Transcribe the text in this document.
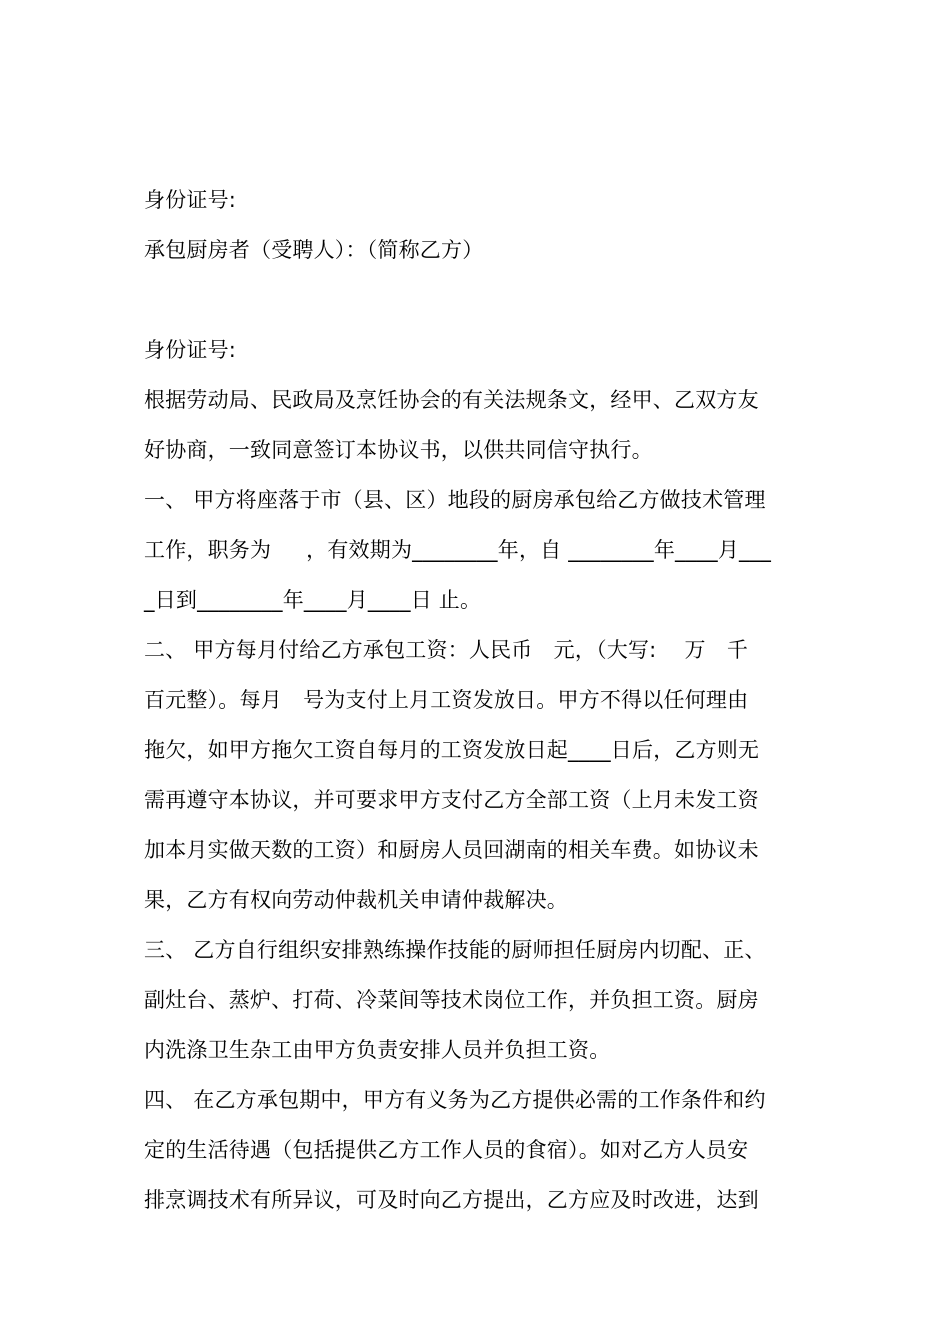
身份证号:
承包厨房者（受聘人）：（简称乙方）
身份证号:
根据劳动局、民政局及烹饪协会的有关法规条文，经甲、乙双方友
好协商，一致同意签订本协议书，以供共同信守执行。
一、 甲方将座落于市（县、区）地段的厨房承包给乙方做技术管理
工作，职务为　  ，有效期为________年，自 ________年____月___
_日到________年____月____日 止。
二、 甲方每月付给乙方承包工资：人民币　元，（大写:　 万　千
百元整）。每月　号为支付上月工资发放日。甲方不得以任何理由
拖欠，如甲方拖欠工资自每月的工资发放日起____日后，乙方则无
需再遵守本协议，并可要求甲方支付乙方全部工资（上月未发工资
加本月实做天数的工资）和厨房人员回湖南的相关车费。如协议未
果，乙方有权向劳动仲裁机关申请仲裁解决。
三、 乙方自行组织安排熟练操作技能的厨师担任厨房内切配、正、
副灶台、蒸炉、打荷、冷菜间等技术岗位工作，并负担工资。厨房
内洗涤卫生杂工由甲方负责安排人员并负担工资。
四、 在乙方承包期中，甲方有义务为乙方提供必需的工作条件和约
定的生活待遇（包括提供乙方工作人员的食宿）。如对乙方人员安
排烹调技术有所异议，可及时向乙方提出，乙方应及时改进，达到
